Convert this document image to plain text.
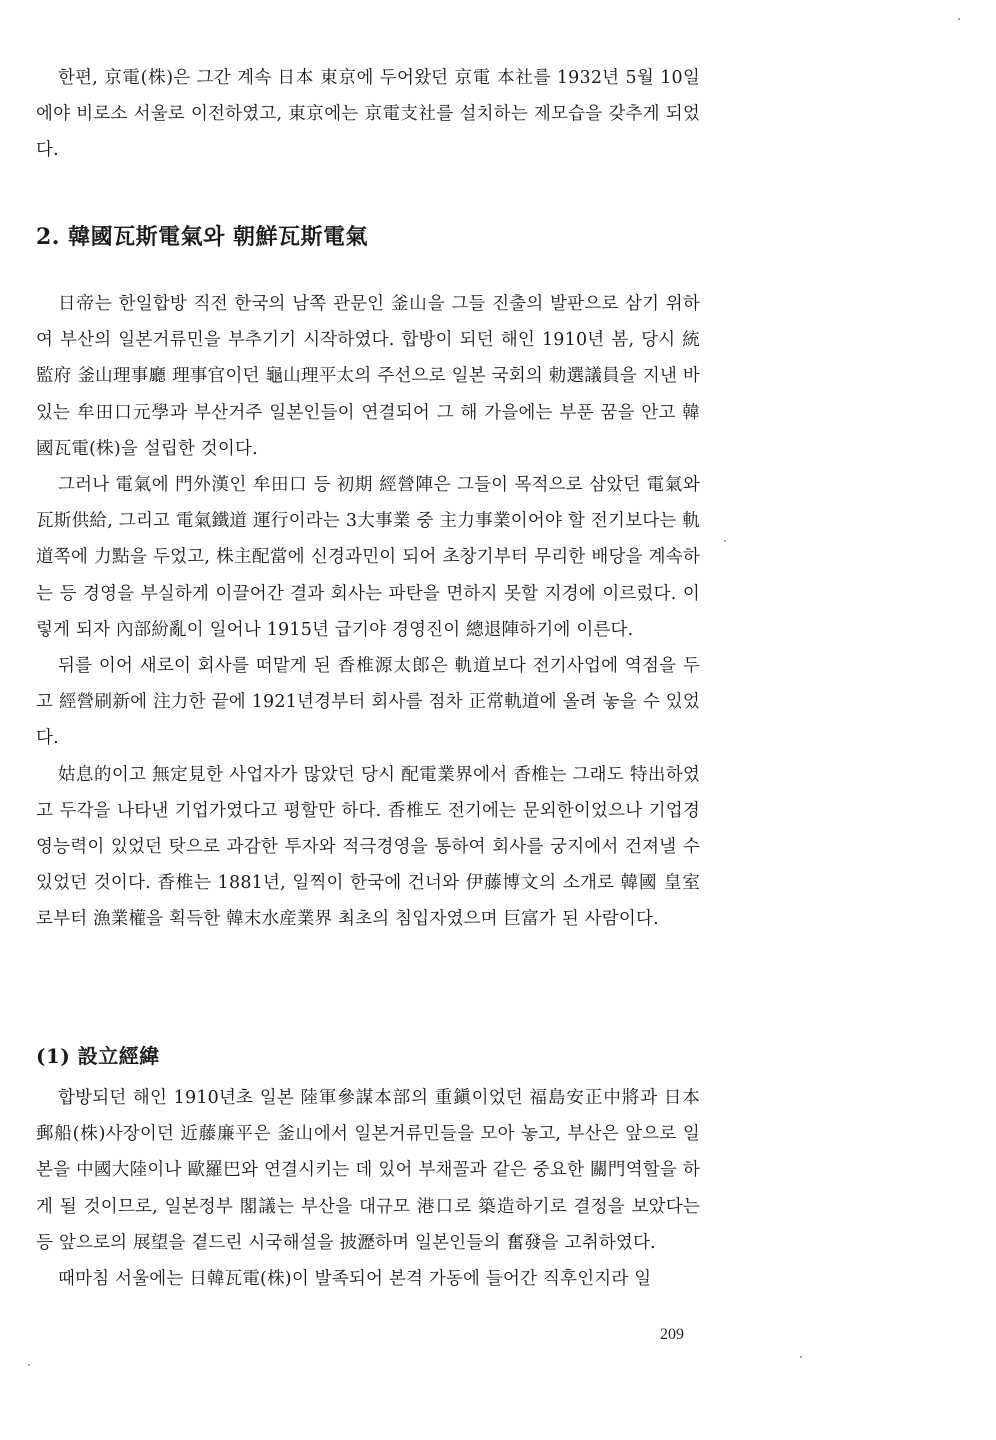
한편, 京電(株)은 그간 계속 日本 東京에 두어왔던 京電 本社를 1932년 5월 10일에야 비로소 서울로 이전하였고, 東京에는 京電支社를 설치하는 제모습을 갖추게 되었다.

2. 韓國瓦斯電氣와 朝鮮瓦斯電氣

日帝는 한일합방 직전 한국의 남쪽 관문인 釜山을 그들 진출의 발판으로 삼기 위하여 부산의 일본거류민을 부추기기 시작하였다. 합방이 되던 해인 1910년 봄, 당시 統監府 釜山理事廳 理事官이던 龜山理平太의 주선으로 일본 국회의 勅選議員을 지낸 바 있는 牟田口元學과 부산거주 일본인들이 연결되어 그 해 가을에는 부푼 꿈을 안고 韓國瓦電(株)을 설립한 것이다.

그러나 電氣에 門外漢인 牟田口 등 初期 經營陣은 그들이 목적으로 삼았던 電氣와 瓦斯供給, 그리고 電氣鐵道 運行이라는 3大事業 중 主力事業이어야 할 전기보다는 軌道쪽에 力點을 두었고, 株主配當에 신경과민이 되어 초창기부터 무리한 배당을 계속하는 등 경영을 부실하게 이끌어간 결과 회사는 파탄을 면하지 못할 지경에 이르렀다. 이렇게 되자 內部紛亂이 일어나 1915년 급기야 경영진이 總退陣하기에 이른다.

뒤를 이어 새로이 회사를 떠맡게 된 香椎源太郎은 軌道보다 전기사업에 역점을 두고 經營刷新에 注力한 끝에 1921년경부터 회사를 점차 正常軌道에 올려 놓을 수 있었다.

姑息的이고 無定見한 사업자가 많았던 당시 配電業界에서 香椎는 그래도 特出하였고 두각을 나타낸 기업가였다고 평할만 하다. 香椎도 전기에는 문외한이었으나 기업경영능력이 있었던 탓으로 과감한 투자와 적극경영을 통하여 회사를 궁지에서 건져낼 수 있었던 것이다. 香椎는 1881년, 일찍이 한국에 건너와 伊藤博文의 소개로 韓國 皇室로부터 漁業權을 획득한 韓末水産業界 최초의 침입자였으며 巨富가 된 사람이다.

(1) 設立經緯

합방되던 해인 1910년초 일본 陸軍參謀本部의 重鎭이었던 福島安正中將과 日本郵船(株)사장이던 近藤廉平은 釜山에서 일본거류민들을 모아 놓고, 부산은 앞으로 일본을 中國大陸이나 歐羅巴와 연결시키는 데 있어 부채꼴과 같은 중요한 關門역할을 하게 될 것이므로, 일본정부 閣議는 부산을 대규모 港口로 築造하기로 결정을 보았다는 등 앞으로의 展望을 곁드린 시국해설을 披瀝하며 일본인들의 奮發을 고취하였다.

때마침 서울에는 日韓瓦電(株)이 발족되어 본격 가동에 들어간 직후인지라 일

209
